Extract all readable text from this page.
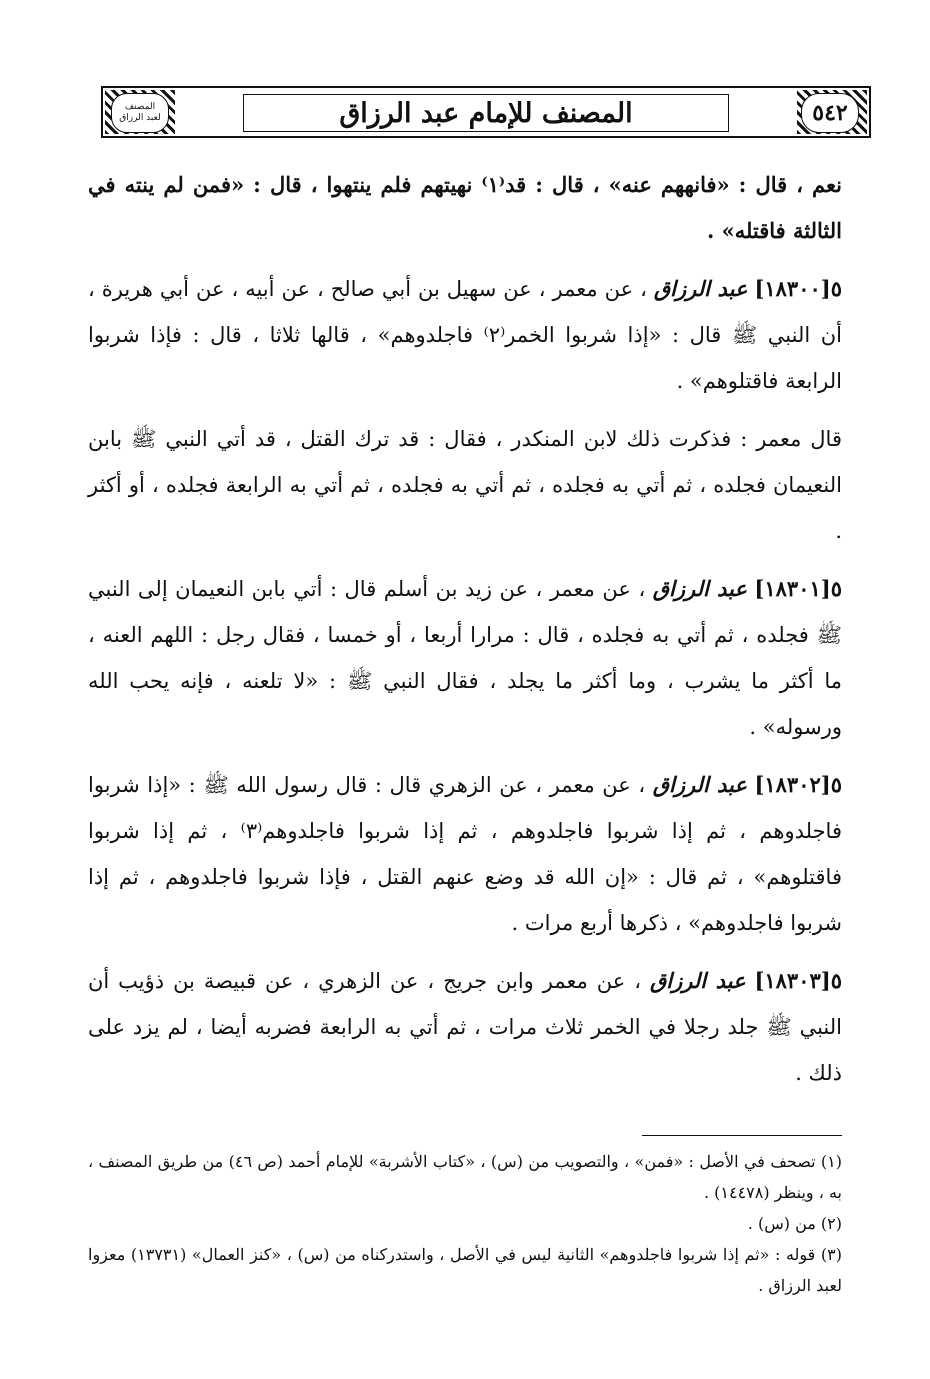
المصنف
لعبد الرزاق	المصنف للإمام عبد الرزاق	٥٤٢

نعم ، قال : «فانههم عنه» ، قال : قد⁽١⁾ نهيتهم فلم ينتهوا ، قال : «فمن لم ينته في الثالثة فاقتله» .

٥[١٨٣٠٠] عبد الرزاق ، عن معمر ، عن سهيل بن أبي صالح ، عن أبيه ، عن أبي هريرة ، أن النبي ﷺ قال : «إذا شربوا الخمر⁽٢⁾ فاجلدوهم» ، قالها ثلاثا ، قال : فإذا شربوا الرابعة فاقتلوهم» .

قال معمر : فذكرت ذلك لابن المنكدر ، فقال : قد ترك القتل ، قد أتي النبي ﷺ بابن النعيمان فجلده ، ثم أتي به فجلده ، ثم أتي به فجلده ، ثم أتي به الرابعة فجلده ، أو أكثر .

٥[١٨٣٠١] عبد الرزاق ، عن معمر ، عن زيد بن أسلم قال : أتي بابن النعيمان إلى النبي ﷺ فجلده ، ثم أتي به فجلده ، قال : مرارا أربعا ، أو خمسا ، فقال رجل : اللهم العنه ، ما أكثر ما يشرب ، وما أكثر ما يجلد ، فقال النبي ﷺ : «لا تلعنه ، فإنه يحب الله ورسوله» .

٥[١٨٣٠٢] عبد الرزاق ، عن معمر ، عن الزهري قال : قال رسول الله ﷺ : «إذا شربوا فاجلدوهم ، ثم إذا شربوا فاجلدوهم ، ثم إذا شربوا فاجلدوهم⁽٣⁾ ، ثم إذا شربوا فاقتلوهم» ، ثم قال : «إن الله قد وضع عنهم القتل ، فإذا شربوا فاجلدوهم ، ثم إذا شربوا فاجلدوهم» ، ذكرها أربع مرات .

٥[١٨٣٠٣] عبد الرزاق ، عن معمر وابن جريج ، عن الزهري ، عن قبيصة بن ذؤيب أن النبي ﷺ جلد رجلا في الخمر ثلاث مرات ، ثم أتي به الرابعة فضربه أيضا ، لم يزد على ذلك .

(١) تصحف في الأصل : «فمن» ، والتصويب من (س) ، «كتاب الأشربة» للإمام أحمد (ص ٤٦) من طريق المصنف ، به ، وينظر (١٤٤٧٨) .

(٢) من (س) .

(٣) قوله : «ثم إذا شربوا فاجلدوهم» الثانية ليس في الأصل ، واستدركناه من (س) ، «كنز العمال» (١٣٧٣١) معزوا لعبد الرزاق .
